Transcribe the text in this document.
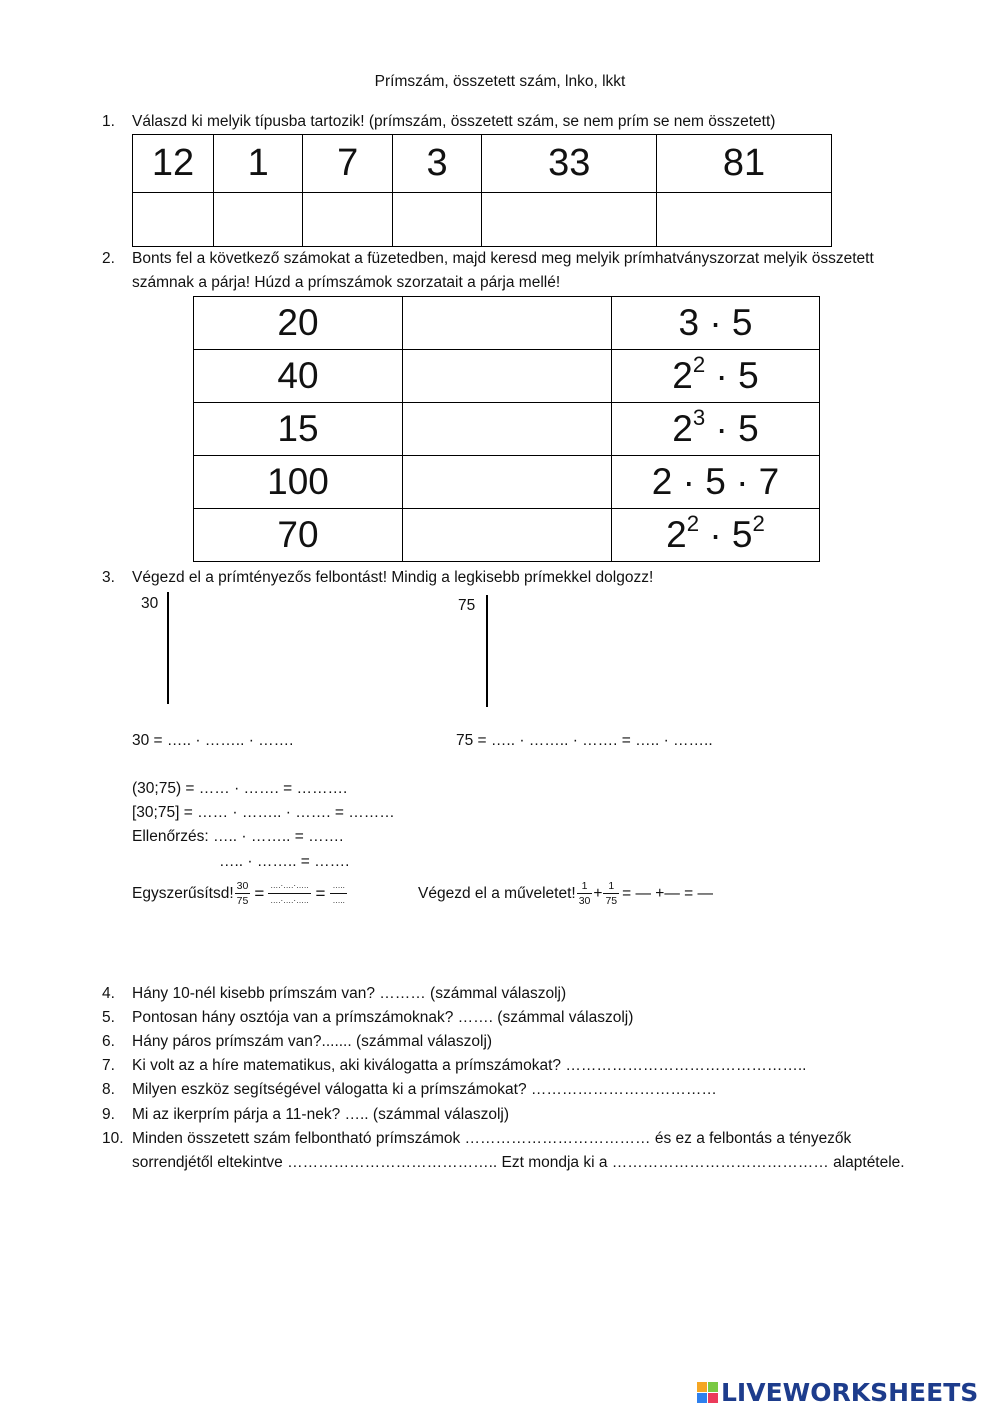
Prímszám, összetett szám, lnko, lkkt
1. Válaszd ki melyik típusba tartozik! (prímszám, összetett szám, se nem prím se nem összetett)
12	1	7	3	33	81

2. Bonts fel a következő számokat a füzetedben, majd keresd meg melyik prímhatványszorzat melyik összetett
számnak a párja! Húzd a prímszámok szorzatait a párja mellé!
20		3 · 5
40		$2^2 \cdot 5$
15		$2^3 \cdot 5$
100		2 · 5 · 7
70		$2^2 \cdot 5^2$
3. Végezd el a prímtényezős felbontást! Mindig a legkisebb prímekkel dolgozz!
30	75
30 = ….. · …….. · …….	75 = ….. · …….. · ……. = ….. · ……..
(30;75) = …… · ……. = ……….
[30;75] = …… · …….. · ……. = ………
Ellenőrzés: ….. · …….. = …….
….. · …….. = …….
Egyszerűsítsd! $\frac{30}{75} = \frac{\dots.\cdot\dots.\cdot\dots..}{\dots.\cdot\dots.\cdot\dots..} = \frac{\dots..}{\dots..}$	Végezd el a műveletet! $\frac{1}{30} + \frac{1}{75}$ = — +— = —
4. Hány 10-nél kisebb prímszám van? ……… (számmal válaszolj)
5. Pontosan hány osztója van a prímszámoknak? ……. (számmal válaszolj)
6. Hány páros prímszám van?....... (számmal válaszolj)
7. Ki volt az a híre matematikus, aki kiválogatta a prímszámokat? ………………………………………..
8. Milyen eszköz segítségével válogatta ki a prímszámokat? ………………………………
9. Mi az ikerprím párja a 11-nek? ….. (számmal válaszolj)
10. Minden összetett szám felbontható prímszámok ……………………………… és ez a felbontás a tényezők
sorrendjétől eltekintve ………………………………….. Ezt mondja ki a …………………………………… alaptétele.
LIVEWORKSHEETS
